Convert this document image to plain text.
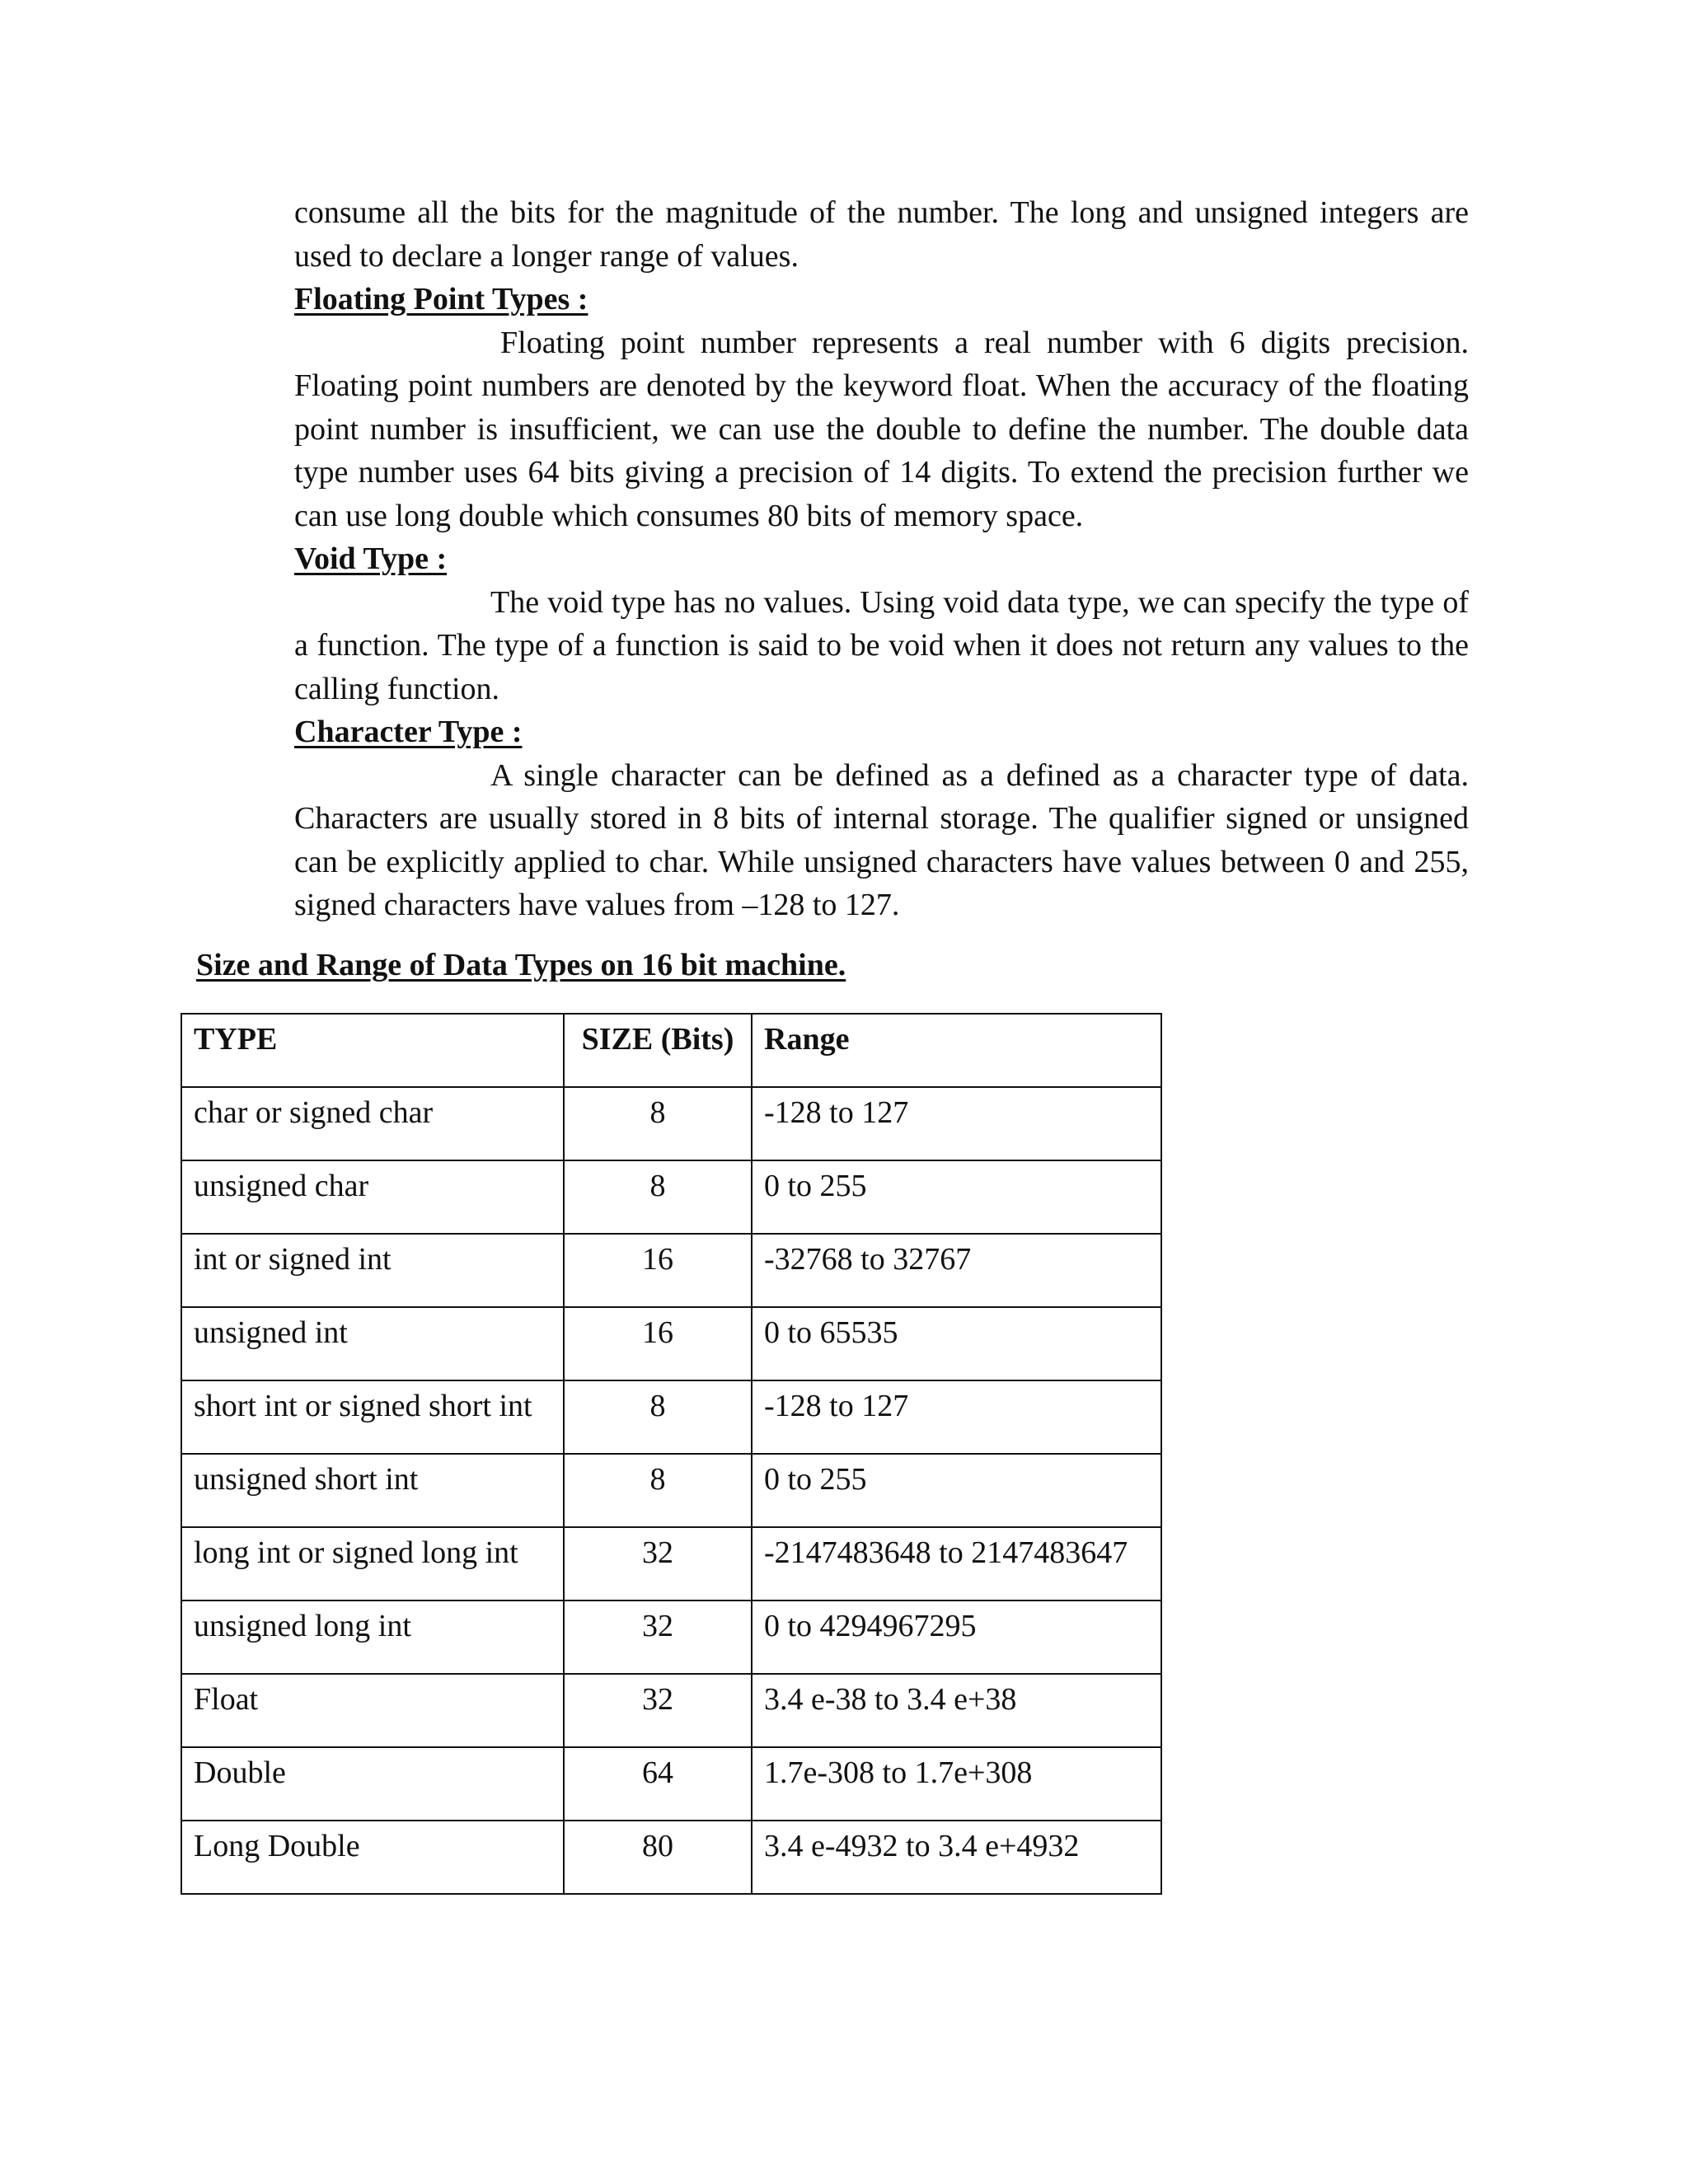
consume all the bits for the magnitude of the number. The long and unsigned integers are used to declare a longer range of values.

Floating Point Types :

Floating point number represents a real number with 6 digits precision. Floating point numbers are denoted by the keyword float. When the accuracy of the floating point number is insufficient, we can use the double to define the number. The double data type number uses 64 bits giving a precision of 14 digits. To extend the precision further we can use long double which consumes 80 bits of memory space.

Void Type :

The void type has no values. Using void data type, we can specify the type of a function. The type of a function is said to be void when it does not return any values to the calling function.

Character Type :

A single character can be defined as a defined as a character type of data. Characters are usually stored in 8 bits of internal storage. The qualifier signed or unsigned can be explicitly applied to char. While unsigned characters have values between 0 and 255, signed characters have values from –128 to 127.

Size and Range of Data Types on 16 bit machine.

TYPE	SIZE (Bits)	Range
char or signed char	8	-128 to 127
unsigned char	8	0 to 255
int or signed int	16	-32768 to 32767
unsigned int	16	0 to 65535
short int or signed short int	8	-128 to 127
unsigned short int	8	0 to 255
long int or signed long int	32	-2147483648 to 2147483647
unsigned long int	32	0 to 4294967295
Float	32	3.4 e-38 to 3.4 e+38
Double	64	1.7e-308 to 1.7e+308
Long Double	80	3.4 e-4932 to 3.4 e+4932
